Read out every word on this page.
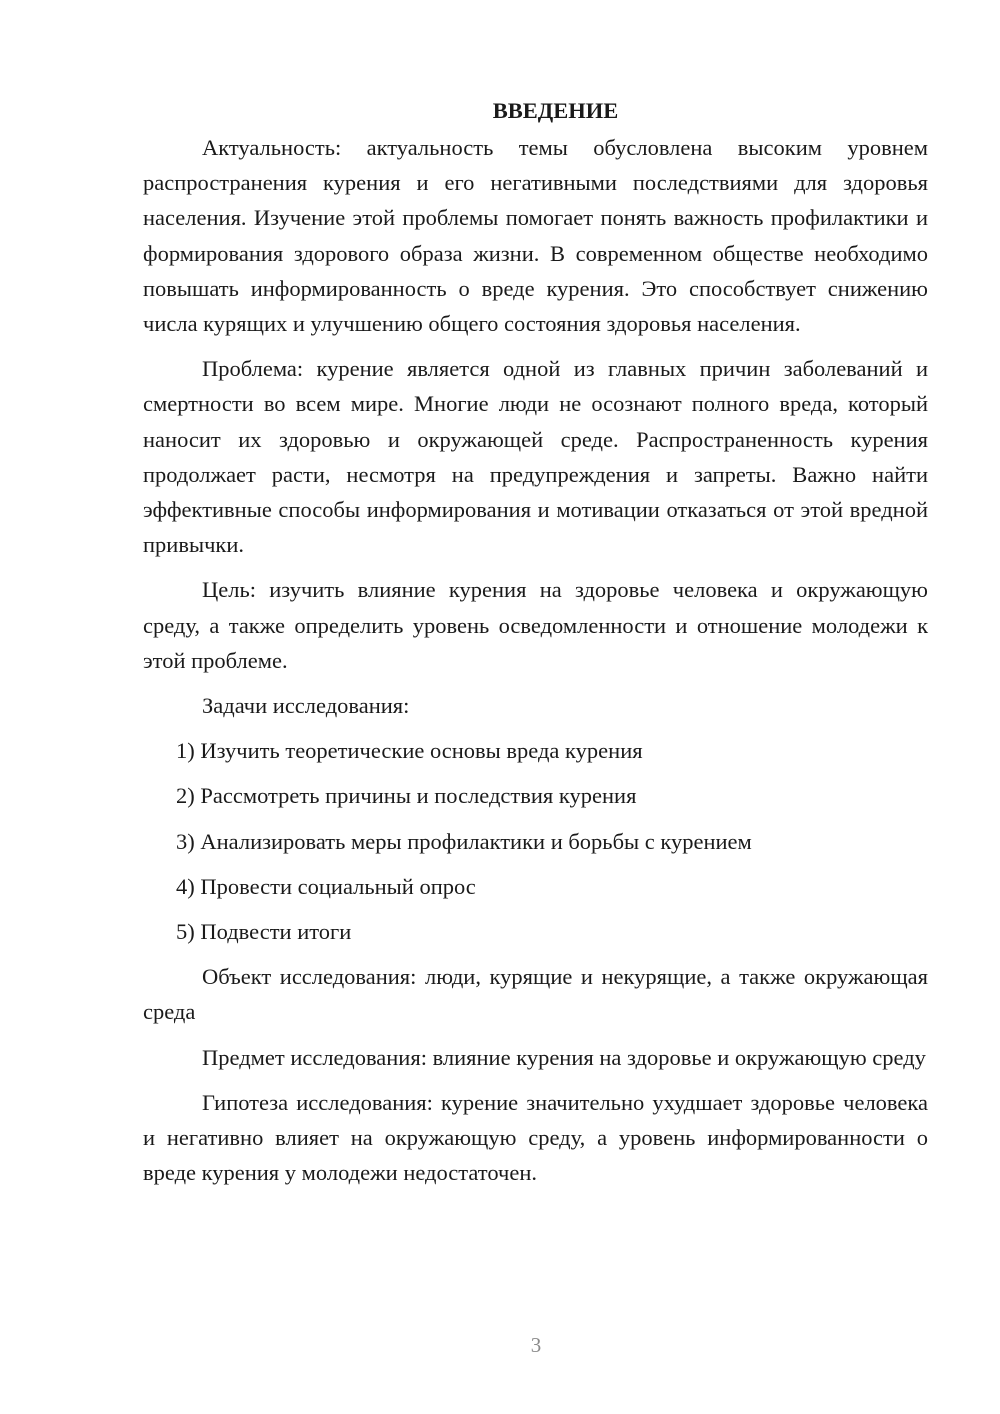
ВВЕДЕНИЕ
Актуальность: актуальность темы обусловлена высоким уровнем распространения курения и его негативными последствиями для здоровья населения. Изучение этой проблемы помогает понять важность профилактики и формирования здорового образа жизни. В современном обществе необходимо повышать информированность о вреде курения. Это способствует снижению числа курящих и улучшению общего состояния здоровья населения.
Проблема: курение является одной из главных причин заболеваний и смертности во всем мире. Многие люди не осознают полного вреда, который наносит их здоровью и окружающей среде. Распространенность курения продолжает расти, несмотря на предупреждения и запреты. Важно найти эффективные способы информирования и мотивации отказаться от этой вредной привычки.
Цель: изучить влияние курения на здоровье человека и окружающую среду, а также определить уровень осведомленности и отношение молодежи к этой проблеме.
Задачи исследования:
1) Изучить теоретические основы вреда курения
2) Рассмотреть причины и последствия курения
3) Анализировать меры профилактики и борьбы с курением
4) Провести социальный опрос
5) Подвести итоги
Объект исследования: люди, курящие и некурящие, а также окружающая среда
Предмет исследования: влияние курения на здоровье и окружающую среду
Гипотеза исследования: курение значительно ухудшает здоровье человека и негативно влияет на окружающую среду, а уровень информированности о вреде курения у молодежи недостаточен.
3
